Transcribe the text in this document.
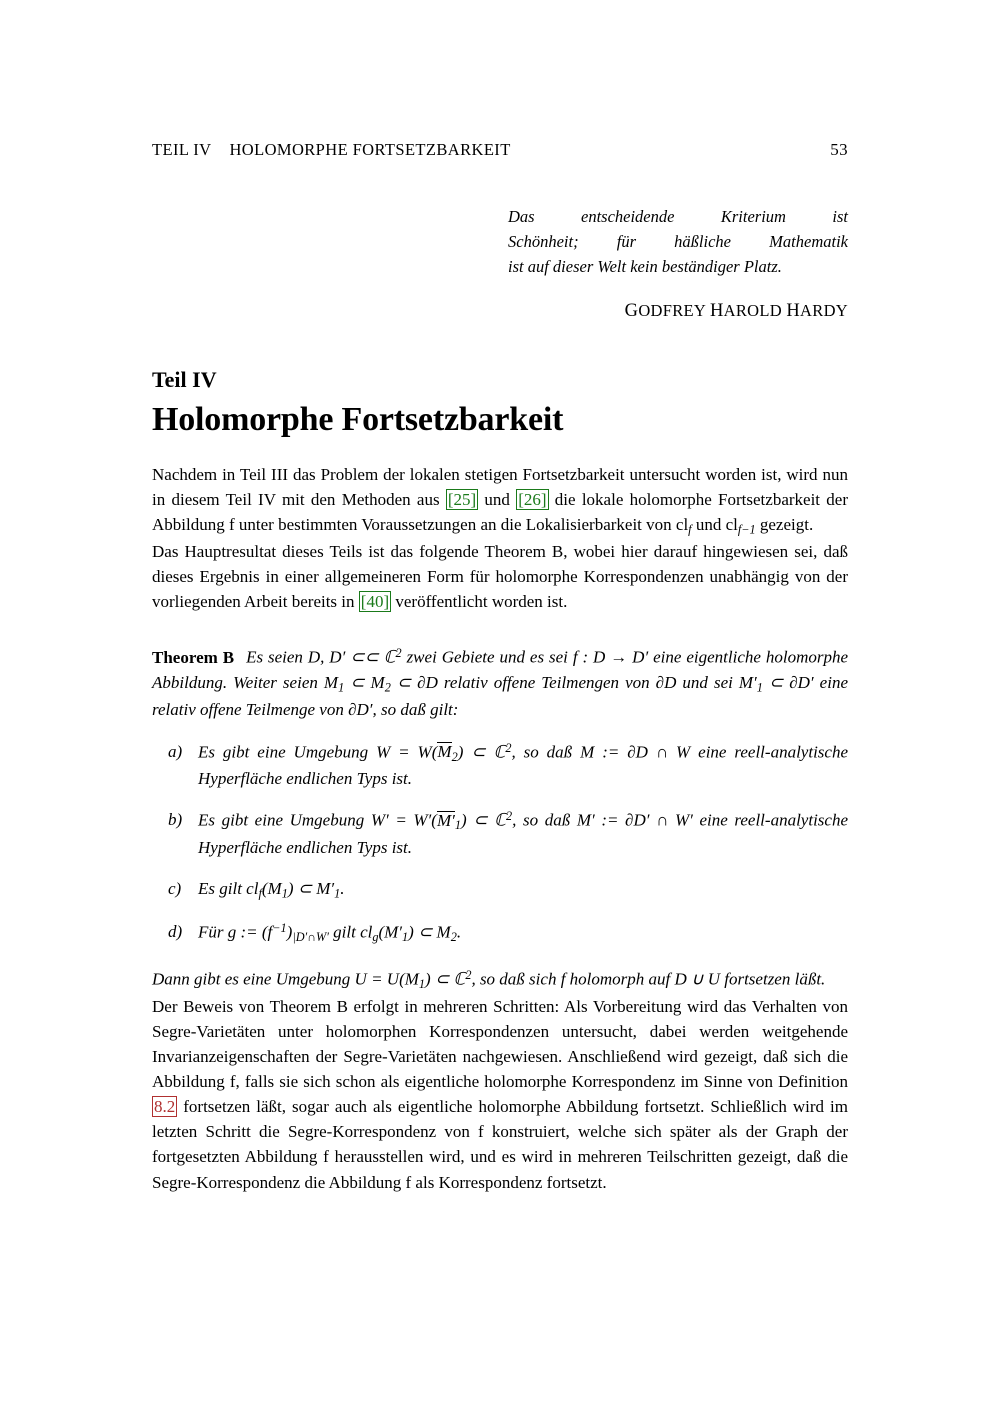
TEIL IV HOLOMORPHE FORTSETZBARKEIT	53

Das	entscheidende	Kriterium	ist

Schönheit; für häßliche Mathematik

ist auf dieser Welt kein beständiger Platz.

GODFREY HAROLD HARDY
Teil IV
Holomorphe Fortsetzbarkeit

Nachdem in Teil III das Problem der lokalen stetigen Fortsetzbarkeit untersucht worden ist, wird nun in diesem Teil IV mit den Methoden aus [25] und [26] die lokale holomorphe Fortsetzbarkeit der Abbildung f unter bestimmten Voraussetzungen an die Lokalisierbarkeit von $cl_f$ und $cl_{f-1}$ gezeigt.

Das Hauptresultat dieses Teils ist das folgende Theorem B, wobei hier darauf hingewiesen sei, daß dieses Ergebnis in einer allgemeineren Form für holomorphe Korrespondenzen unabhängig von der vorliegenden Arbeit bereits in [40] veröffentlicht worden ist.

Theorem B Es seien D, D′ ⊂⊂ ℂ$^2$ zwei Gebiete und es sei f : D → D′ eine eigentliche holomorphe Abbildung. Weiter seien $M_1$ ⊂ $M_2$ ⊂ ∂D relativ offene Teilmengen von ∂D und sei $M'_1$ ⊂ ∂D′ eine relativ offene Teilmenge von ∂D′, so daß gilt:
a) Es gibt eine Umgebung $W = W(M_2)$ ⊂ ℂ$^2$, so daß M := ∂D ∩ W eine reell-analytische Hyperfläche endlichen Typs ist.
b) Es gibt eine Umgebung $W' = W'(M'_1)$ ⊂ ℂ$^2$, so daß M′ := ∂D′ ∩ W′ eine reell-analytische Hyperfläche endlichen Typs ist.
c) Es gilt $cl_f(M_1)$ ⊂ $M'_1$.
d) Für g := $(f^{-1})_{|D'\cap W'}$ gilt $cl_g(M'_1)$ ⊂ $M_2$.
Dann gibt es eine Umgebung $U = U(M_1)$ ⊂ ℂ$^2$, so daß sich f holomorph auf D ∪ U fortsetzen läßt.

Der Beweis von Theorem B erfolgt in mehreren Schritten: Als Vorbereitung wird das Verhalten von Segre-Varietäten unter holomorphen Korrespondenzen untersucht, dabei werden weitgehende Invarianzeigenschaften der Segre-Varietäten nachgewiesen. Anschließend wird gezeigt, daß sich die Abbildung f, falls sie sich schon als eigentliche holomorphe Korrespondenz im Sinne von Definition 8.2 fortsetzen läßt, sogar auch als eigentliche holomorphe Abbildung fortsetzt. Schließlich wird im letzten Schritt die Segre-Korrespondenz von f konstruiert, welche sich später als der Graph der fortgesetzten Abbildung f herausstellen wird, und es wird in mehreren Teilschritten gezeigt, daß die Segre-Korrespondenz die Abbildung f als Korrespondenz fortsetzt.
